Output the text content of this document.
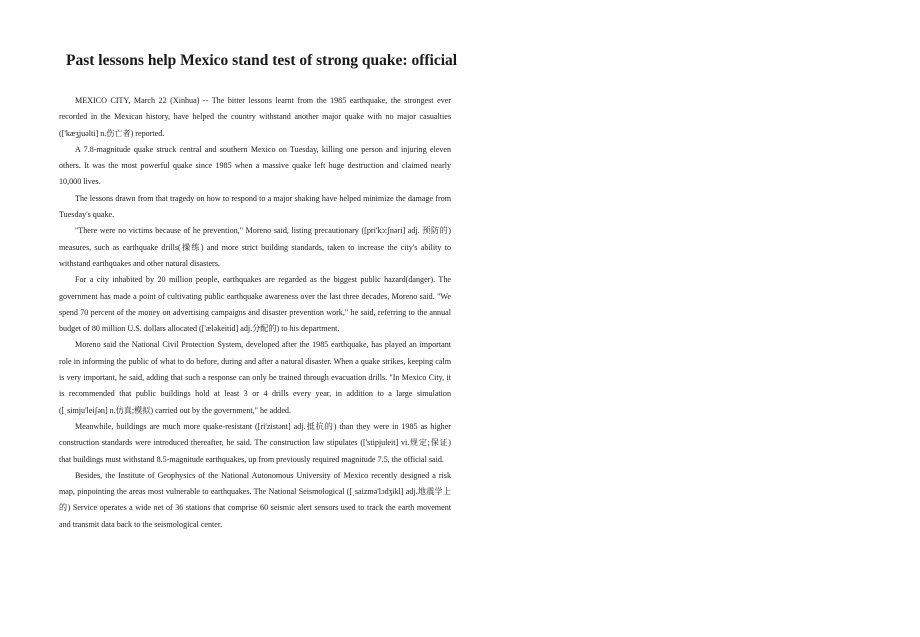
Past lessons help Mexico stand test of strong quake: official

MEXICO CITY, March 22 (Xinhua) -- The bitter lessons learnt from the 1985 earthquake, the strongest ever recorded in the Mexican history, have helped the country withstand another major quake with no major casualties (['kæʒjuəlti] n.伤亡者) reported.

A 7.8-magnitude quake struck central and southern Mexico on Tuesday, killing one person and injuring eleven others. It was the most powerful quake since 1985 when a massive quake left huge destruction and claimed nearly 10,000 lives.

The lessons drawn from that tragedy on how to respond to a major shaking have helped minimize the damage from Tuesday's quake.

"There were no victims because of he prevention," Moreno said, listing precautionary ([pri'kɔ:ʃnəri] adj. 预防的) measures, such as earthquake drills(操练) and more strict building standards, taken to increase the city's ability to withstand earthquakes and other natural disasters.

For a city inhabited by 20 million people, earthquakes are regarded as the biggest public hazard(danger). The government has made a point of cultivating public earthquake awareness over the last three decades, Moreno said. "We spend 70 percent of the money on advertising campaigns and disaster prevention work," he said, referring to the annual budget of 80 million U.S. dollars allocated (['æləkeitid] adj.分配的) to his department.

Moreno said the National Civil Protection System, developed after the 1985 earthquake, has played an important role in informing the public of what to do before, during and after a natural disaster. When a quake strikes, keeping calm is very important, he said, adding that such a response can only be trained through evacuation drills. "In Mexico City, it is recommended that public buildings hold at least 3 or 4 drills every year, in addition to a large simulation ([ˌsimju'leiʃən] n.仿真;模拟) carried out by the government," he added.

Meanwhile, buildings are much more quake-resistant ([ri'zistənt] adj.抵抗的) than they were in 1985 as higher construction standards were introduced thereafter, he said. The construction law stipulates (['stipjuleit] vi.规定;保证) that buildings must withstand 8.5-magnitude earthquakes, up from previously required magnitude 7.5, the official said.

Besides, the Institute of Geophysics of the National Autonomous University of Mexico recently designed a risk map, pinpointing the areas most vulnerable to earthquakes. The National Seismological ([ˌsaizmə'lɔdʒikl] adj.地震学上的) Service operates a wide net of 36 stations that comprise 60 seismic alert sensors used to track the earth movement and transmit data back to the seismological center.
